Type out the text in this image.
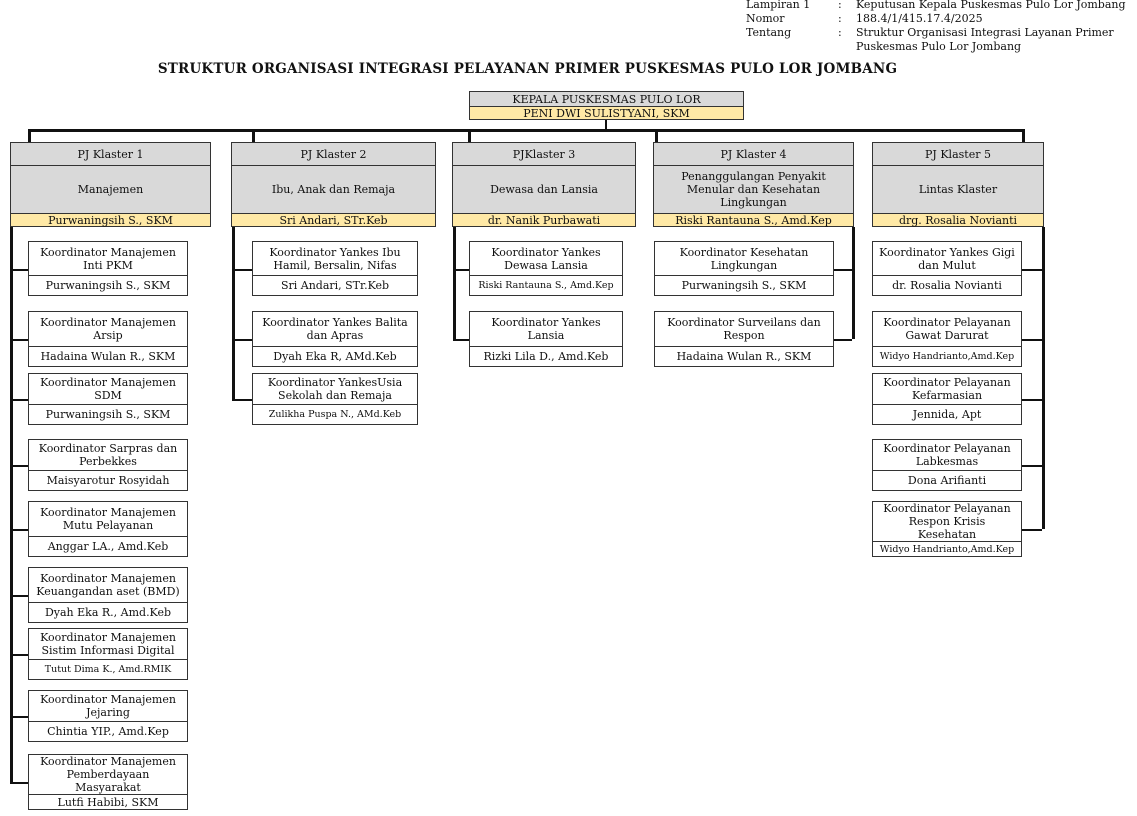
Lampiran 1	: Keputusan Kepala Puskesmas Pulo Lor Jombang
Nomor	: 188.4/1/415.17.4/2025
Tentang	: Struktur Organisasi Integrasi Layanan Primer
Puskesmas Pulo Lor Jombang
STRUKTUR ORGANISASI INTEGRASI PELAYANAN PRIMER PUSKESMAS PULO LOR JOMBANG
KEPALA PUSKESMAS PULO LOR
PENI DWI SULISTYANI, SKM
PJ Klaster 1
Manajemen
Purwaningsih S., SKM
Koordinator Manajemen Inti PKM
Purwaningsih S., SKM
Koordinator Manajemen Arsip
Hadaina Wulan R., SKM
Koordinator Manajemen SDM
Purwaningsih S., SKM
Koordinator Sarpras dan Perbekkes
Maisyarotur Rosyidah
Koordinator Manajemen Mutu Pelayanan
Anggar LA., Amd.Keb
Koordinator Manajemen Keuangandan aset (BMD)
Dyah Eka R., Amd.Keb
Koordinator Manajemen Sistim Informasi Digital
Tutut Dima K., Amd.RMIK
Koordinator Manajemen Jejaring
Chintia YIP., Amd.Kep
Koordinator Manajemen Pemberdayaan Masyarakat
Lutfi Habibi, SKM
PJ Klaster 2
Ibu, Anak dan Remaja
Sri Andari, STr.Keb
Koordinator Yankes Ibu Hamil, Bersalin, Nifas
Sri Andari, STr.Keb
Koordinator Yankes Balita dan Apras
Dyah Eka R, AMd.Keb
Koordinator YankesUsia Sekolah dan Remaja
Zulikha Puspa N., AMd.Keb
PJKlaster 3
Dewasa dan Lansia
dr. Nanik Purbawati
Koordinator Yankes Dewasa Lansia
Riski Rantauna S., Amd.Kep
Koordinator Yankes Lansia
Rizki Lila D., Amd.Keb
PJ Klaster 4
Penanggulangan Penyakit Menular dan Kesehatan Lingkungan
Riski Rantauna S., Amd.Kep
Koordinator Kesehatan Lingkungan
Purwaningsih S., SKM
Koordinator Surveilans dan Respon
Hadaina Wulan R., SKM
PJ Klaster 5
Lintas Klaster
drg. Rosalia Novianti
Koordinator Yankes Gigi dan Mulut
dr. Rosalia Novianti
Koordinator Pelayanan Gawat Darurat
Widyo Handrianto,Amd.Kep
Koordinator Pelayanan Kefarmasian
Jennida, Apt
Koordinator Pelayanan Labkesmas
Dona Arifianti
Koordinator Pelayanan Respon Krisis Kesehatan
Widyo Handrianto,Amd.Kep
